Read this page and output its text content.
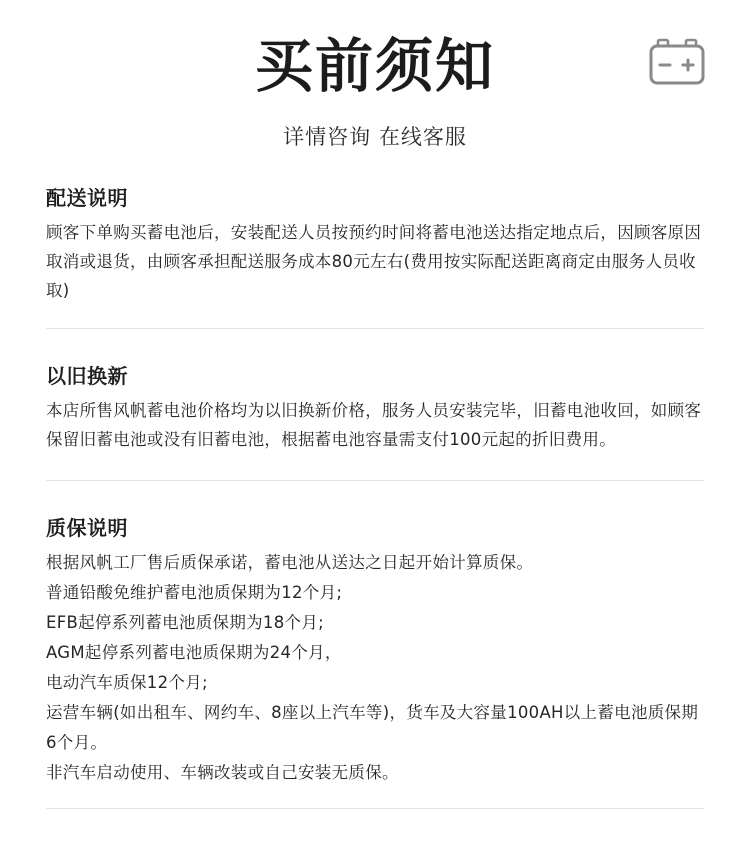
买前须知
详情咨询 在线客服
配送说明

顾客下单购买蓄电池后，安装配送人员按预约时间将蓄电池送达指定地点后，因顾客原因取消或退货，由顾客承担配送服务成本80元左右(费用按实际配送距离商定由服务人员收取)

以旧换新

本店所售风帆蓄电池价格均为以旧换新价格，服务人员安装完毕，旧蓄电池收回，如顾客保留旧蓄电池或没有旧蓄电池，根据蓄电池容量需支付100元起的折旧费用。

质保说明

根据风帆工厂售后质保承诺，蓄电池从送达之日起开始计算质保。

普通铅酸免维护蓄电池质保期为12个月;

EFB起停系列蓄电池质保期为18个月;

AGM起停系列蓄电池质保期为24个月，

电动汽车质保12个月;

运营车辆(如出租车、网约车、8座以上汽车等)，货车及大容量100AH以上蓄电池质保期6个月。

非汽车启动使用、车辆改装或自己安装无质保。
